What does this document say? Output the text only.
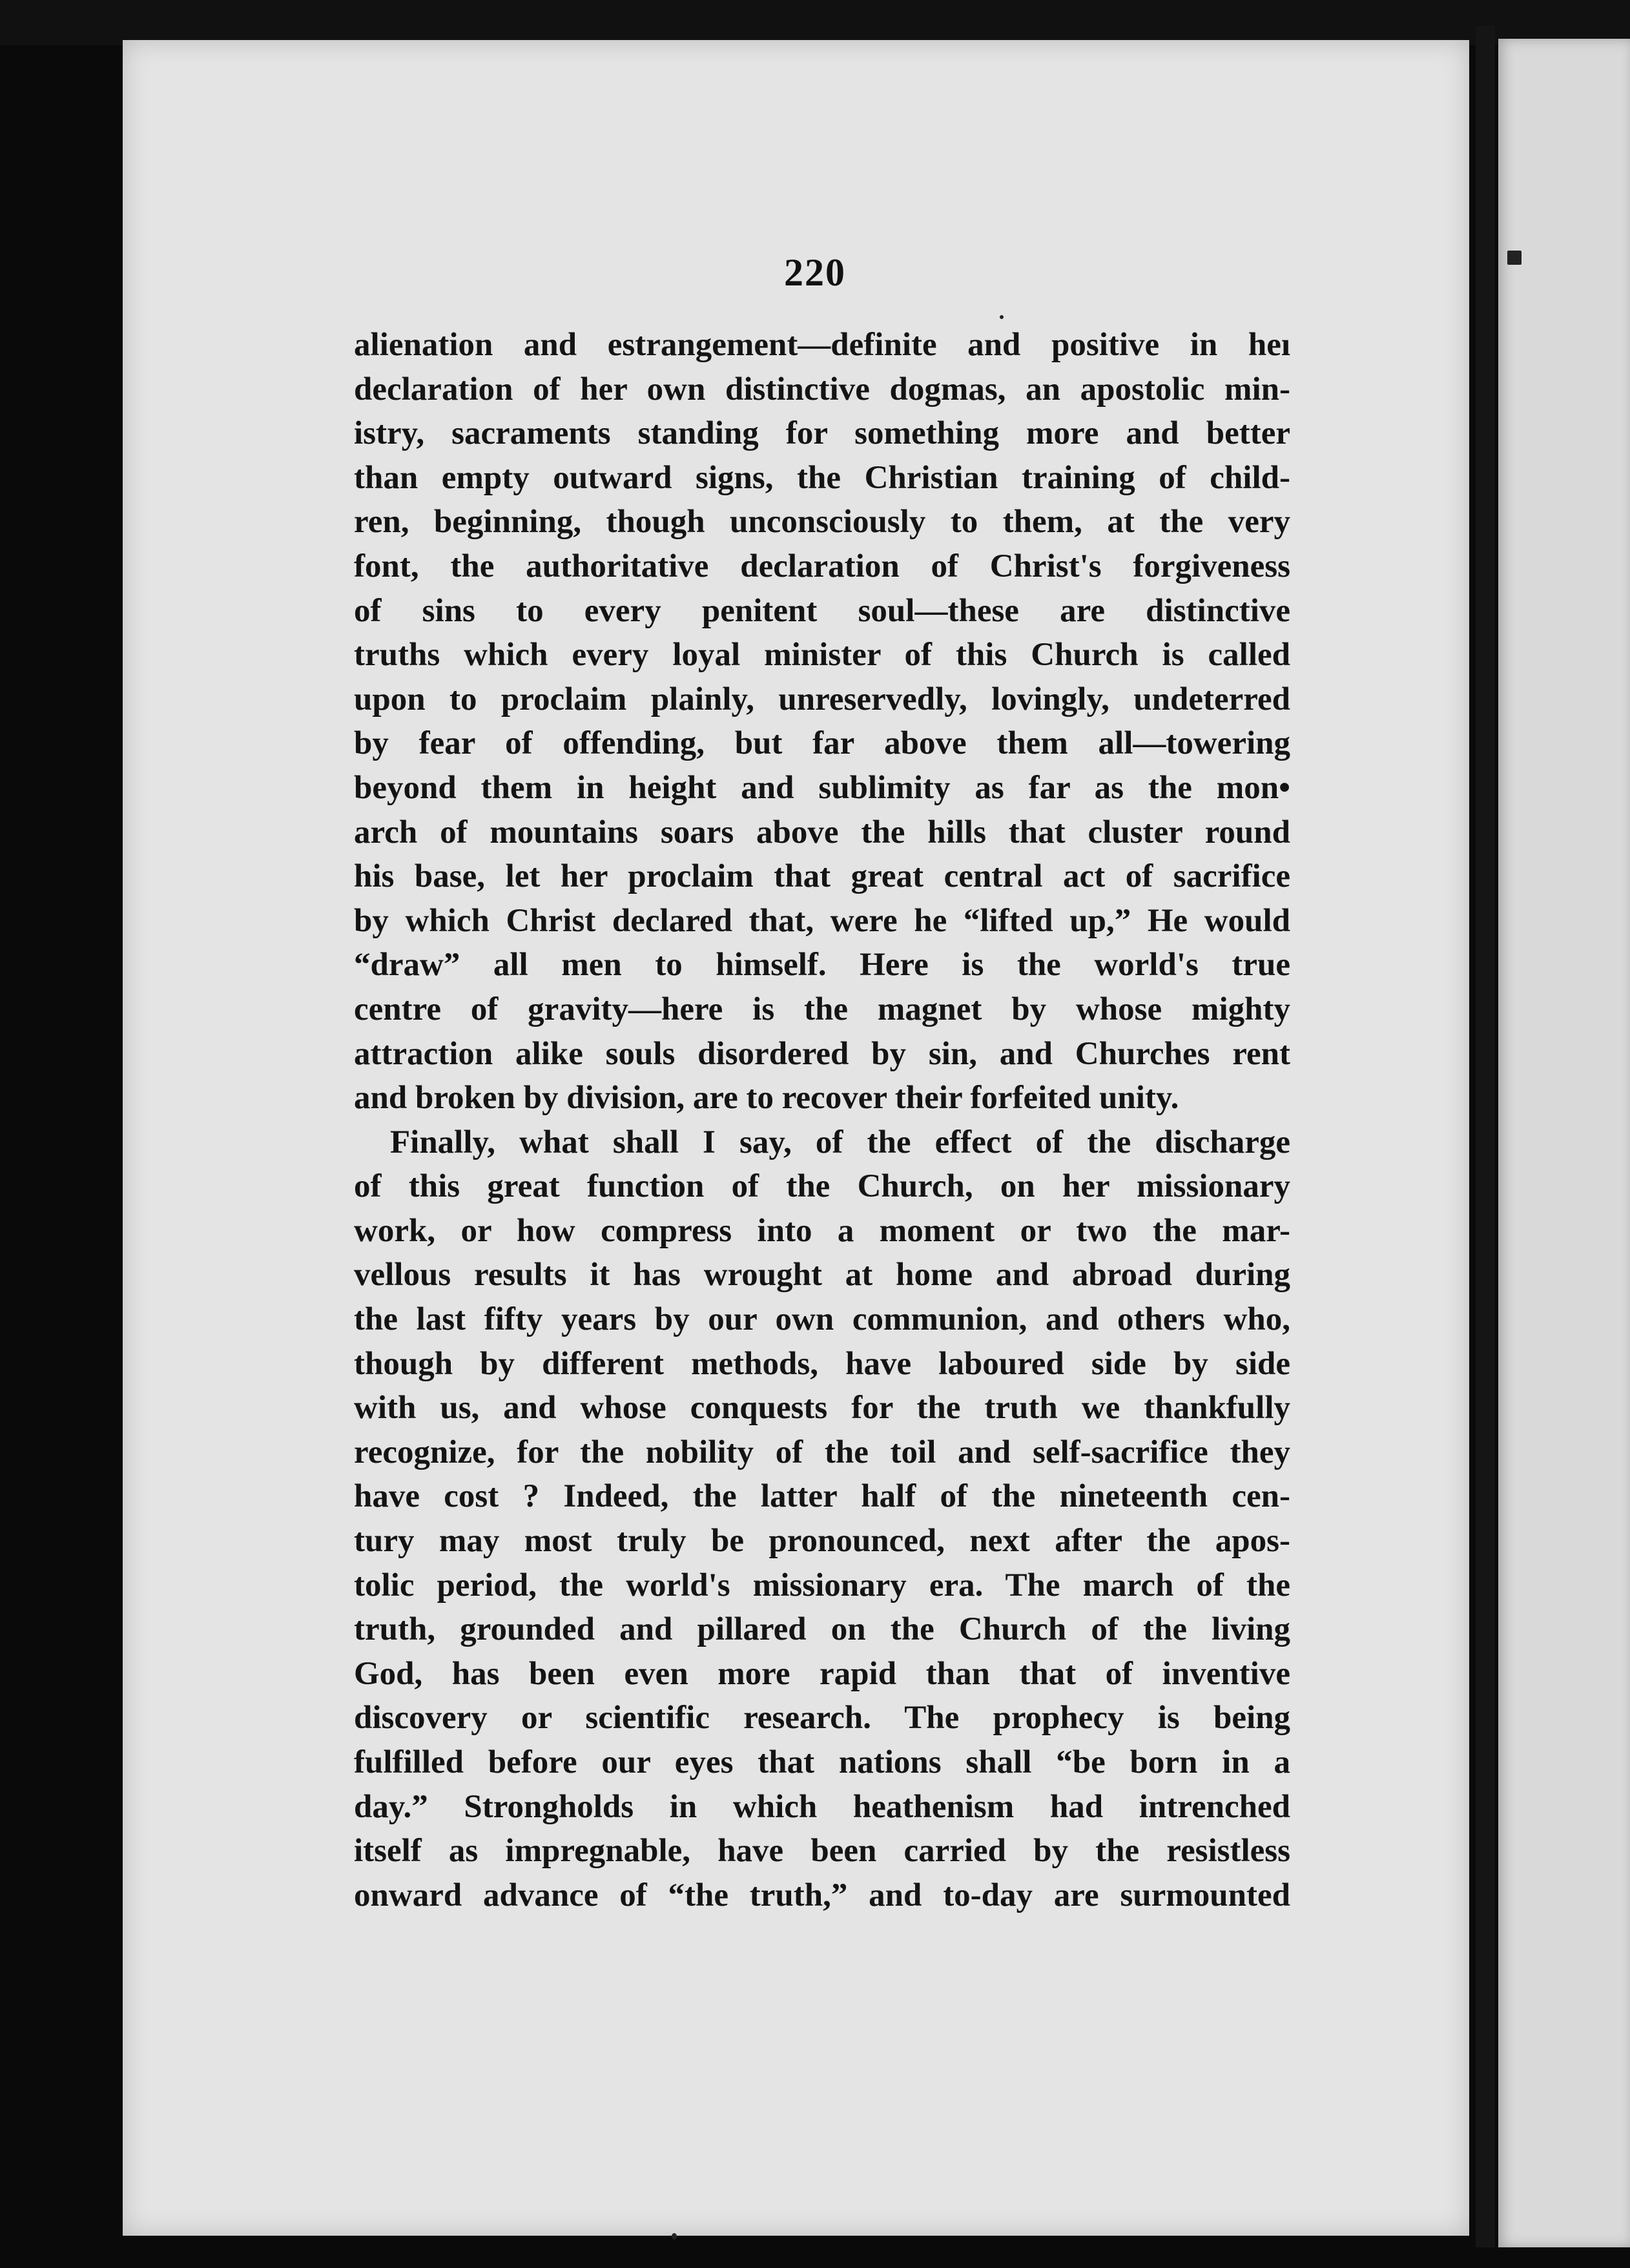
220
alienation and estrangement—definite and positive in heı
declaration of her own distinctive dogmas, an apostolic min-
istry, sacraments standing for something more and better
than empty outward signs, the Christian training of child-
ren, beginning, though unconsciously to them, at the very
font, the authoritative declaration of Christ's forgiveness
of sins to every penitent soul—these are distinctive
truths which every loyal minister of this Church is called
upon to proclaim plainly, unreservedly, lovingly, undeterred
by fear of offending, but far above them all—towering
beyond them in height and sublimity as far as the mon•
arch of mountains soars above the hills that cluster round
his base, let her proclaim that great central act of sacrifice
by which Christ declared that, were he “lifted up,” He would
“draw” all men to himself. Here is the world's true
centre of gravity—here is the magnet by whose mighty
attraction alike souls disordered by sin, and Churches rent
and broken by division, are to recover their forfeited unity.
Finally, what shall I say, of the effect of the discharge
of this great function of the Church, on her missionary
work, or how compress into a moment or two the mar-
vellous results it has wrought at home and abroad during
the last fifty years by our own communion, and others who,
though by different methods, have laboured side by side
with us, and whose conquests for the truth we thankfully
recognize, for the nobility of the toil and self-sacrifice they
have cost ? Indeed, the latter half of the nineteenth cen-
tury may most truly be pronounced, next after the apos-
tolic period, the world's missionary era. The march of the
truth, grounded and pillared on the Church of the living
God, has been even more rapid than that of inventive
discovery or scientific research. The prophecy is being
fulfilled before our eyes that nations shall “be born in a
day.” Strongholds in which heathenism had intrenched
itself as impregnable, have been carried by the resistless
onward advance of “the truth,” and to-day are surmounted
